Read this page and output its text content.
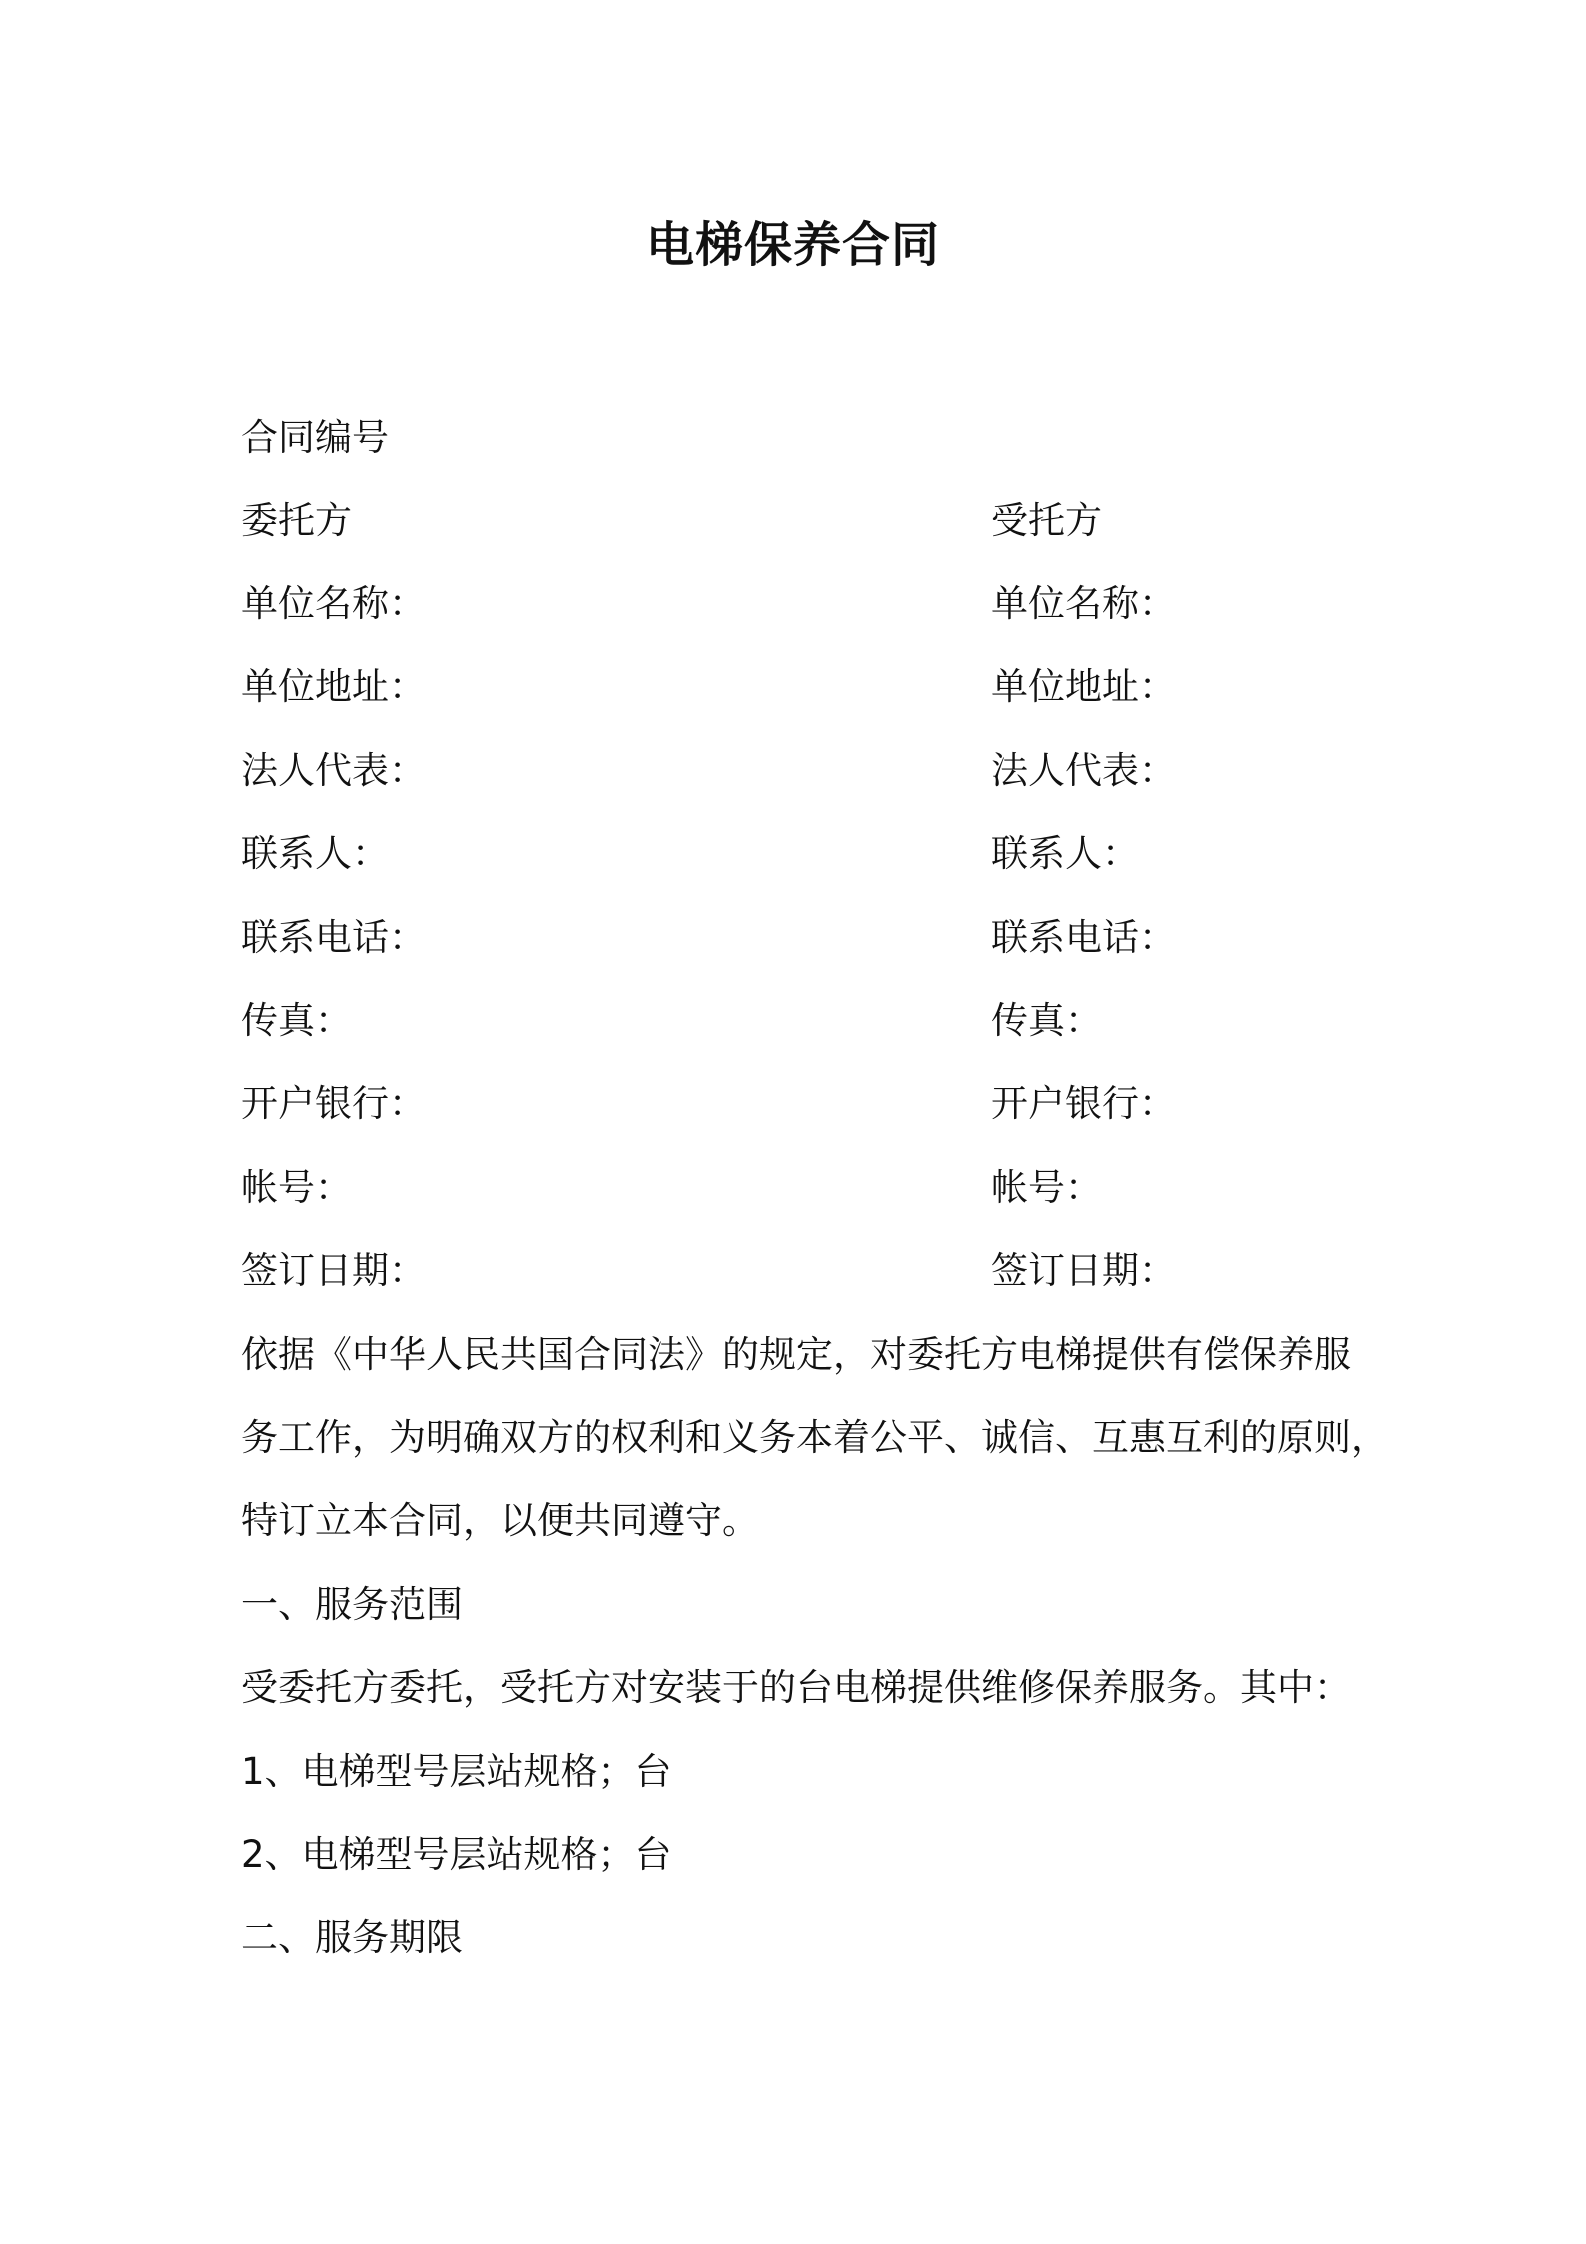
电梯保养合同
合同编号
委托方	受托方
单位名称：	单位名称：
单位地址：	单位地址：
法人代表：	法人代表：
联系人：	联系人：
联系电话：	联系电话：
传真：	传真：
开户银行：	开户银行：
帐号：	帐号：
签订日期：	签订日期：
依据《中华人民共国合同法》的规定，对委托方电梯提供有偿保养服
务工作，为明确双方的权利和义务本着公平、诚信、互惠互利的原则，
特订立本合同，以便共同遵守。
一、服务范围
受委托方委托，受托方对安装于的台电梯提供维修保养服务。其中：
1、电梯型号层站规格；台
2、电梯型号层站规格；台
二、服务期限
